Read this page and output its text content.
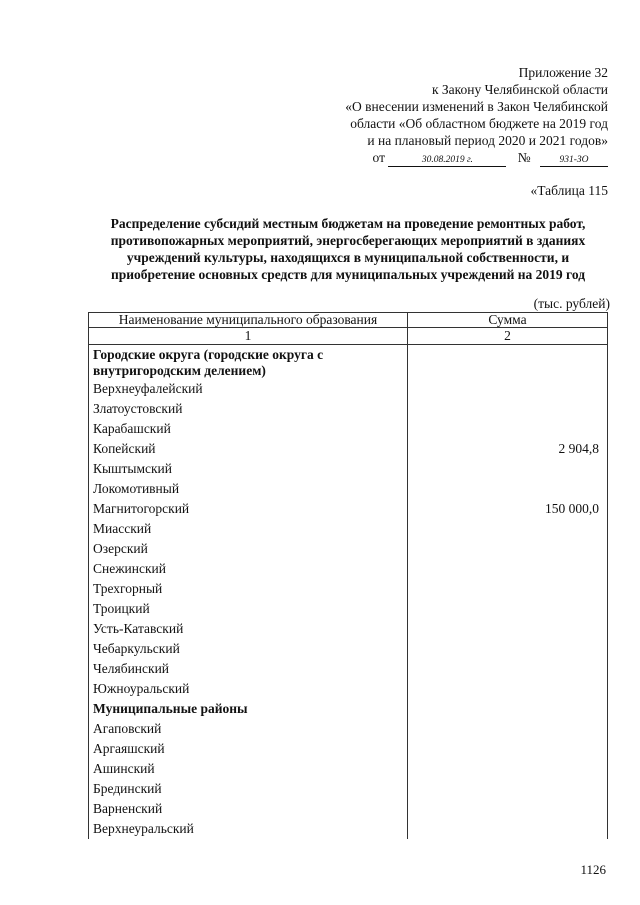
Приложение 32
к Закону Челябинской области
«О внесении изменений в Закон Челябинской
области «Об областном бюджете на 2019 год
и на плановый период 2020 и 2021 годов»
от	30.08.2019 г.	№	931-ЗО
«Таблица 115
Распределение субсидий местным бюджетам на проведение ремонтных работ, противопожарных мероприятий, энергосберегающих мероприятий в зданиях учреждений культуры, находящихся в муниципальной собственности, и приобретение основных средств для муниципальных учреждений на 2019 год
(тыс. рублей)
Наименование муниципального образования	Сумма
1	2
Городские округа (городские округа с внутригородским делением)	
Верхнеуфалейский	
Златоустовский	
Карабашский	
Копейский	2 904,8
Кыштымский	
Локомотивный	
Магнитогорский	150 000,0
Миасский	
Озерский	
Снежинский	
Трехгорный	
Троицкий	
Усть-Катавский	
Чебаркульский	
Челябинский	
Южноуральский	
Муниципальные районы	
Агаповский	
Аргаяшский	
Ашинский	
Брединский	
Варненский	
Верхнеуральский	
1126
